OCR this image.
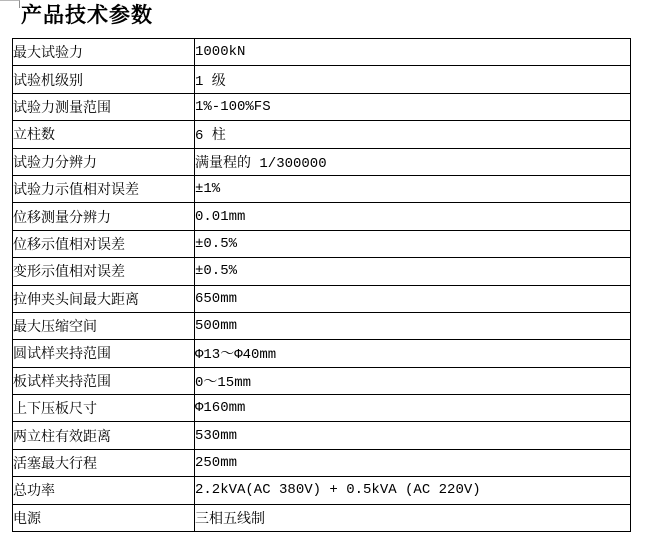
产品技术参数
最大试验力	1000kN
试验机级别	1 级
试验力测量范围	1%-100%FS
立柱数	6 柱
试验力分辨力	满量程的 1/300000
试验力示值相对误差	±1%
位移测量分辨力	0.01mm
位移示值相对误差	±0.5%
变形示值相对误差	±0.5%
拉伸夹头间最大距离	650mm
最大压缩空间	500mm
圆试样夹持范围	Φ13～Φ40mm
板试样夹持范围	0～15mm
上下压板尺寸	Φ160mm
两立柱有效距离	530mm
活塞最大行程	250mm
总功率	2.2kVA(AC 380V) + 0.5kVA (AC 220V)
电源	三相五线制
